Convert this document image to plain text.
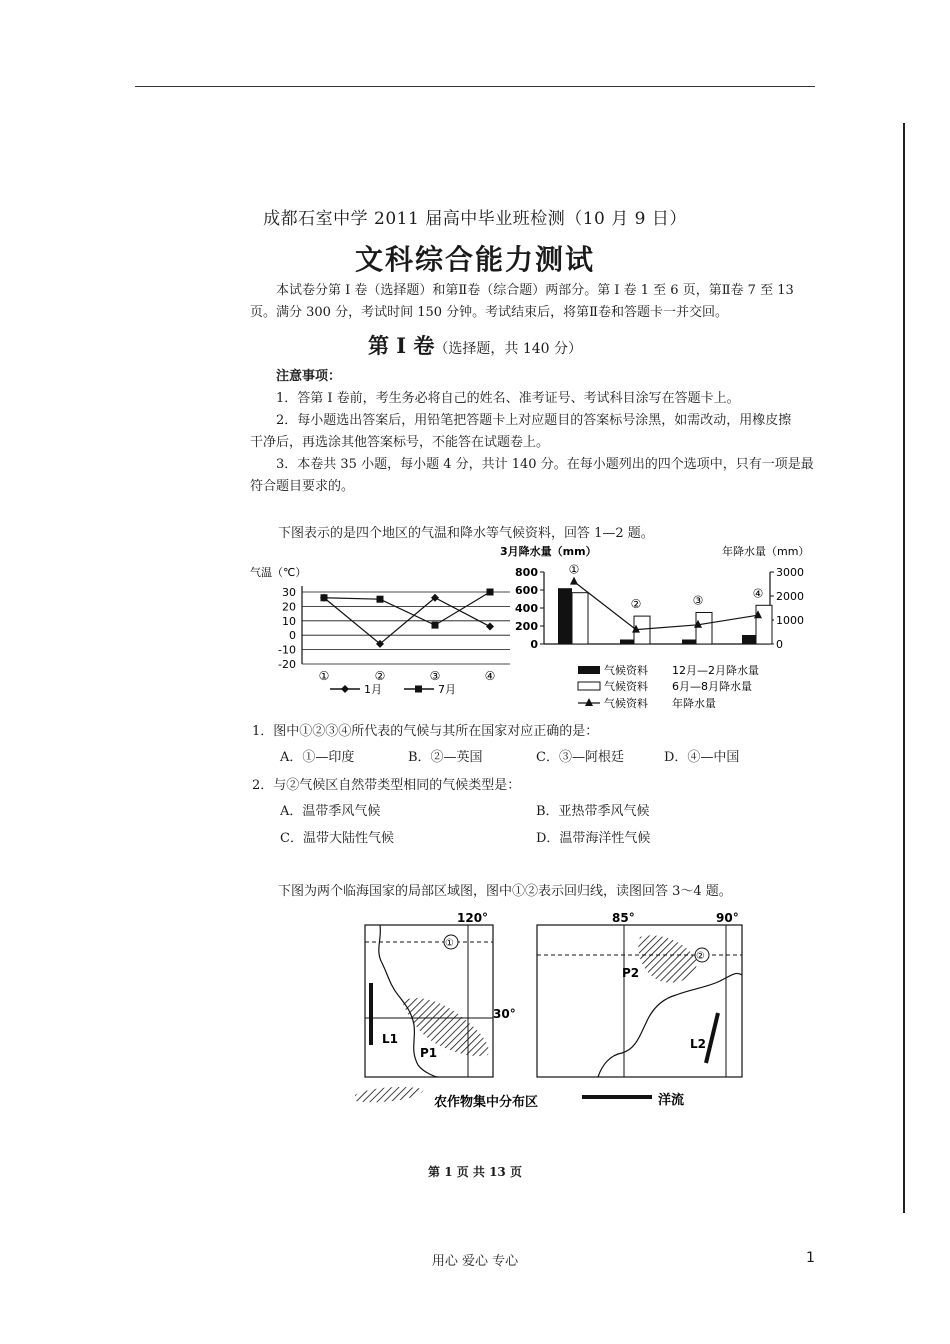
成都石室中学 2011 届高中毕业班检测（10 月 9 日）
文科综合能力测试
本试卷分第 I 卷（选择题）和第Ⅱ卷（综合题）两部分。第 I 卷 1 至 6 页，第Ⅱ卷 7 至 13
页。满分 300 分，考试时间 150 分钟。考试结束后，将第Ⅱ卷和答题卡一并交回。
第 I 卷（选择题，共 140 分）
注意事项：
1．答第 I 卷前，考生务必将自己的姓名、准考证号、考试科目涂写在答题卡上。
2．每小题选出答案后，用铅笔把答题卡上对应题目的答案标号涂黑，如需改动，用橡皮擦
干净后，再选涂其他答案标号，不能答在试题卷上。
3．本卷共 35 小题，每小题 4 分，共计 140 分。在每小题列出的四个选项中，只有一项是最
符合题目要求的。
下图表示的是四个地区的气温和降水等气候资料，回答 1—2 题。
气温（℃）
30
20
10
0
-10
-20
①	②	③	④
1月	7月
3月降水量（mm）	年降水量（mm）
800
600
400
200
0
3000
2000
1000
0
①
②	③
④
气候资料 12月—2月降水量
气候资料 6月—8月降水量
气候资料 年降水量
1．图中①②③④所代表的气候与其所在国家对应正确的是：
A．①—印度	B．②—英国	C．③—阿根廷	D．④—中国
2．与②气候区自然带类型相同的气候类型是：
A．温带季风气候	B．亚热带季风气候
C．温带大陆性气候	D．温带海洋性气候
下图为两个临海国家的局部区域图，图中①②表示回归线，读图回答 3～4 题。
120°
①
30°
L1
P1
85°	90°
②
L2
P2
农作物集中分布区	洋流
第 1 页 共 13 页
用心 爱心 专心	1
